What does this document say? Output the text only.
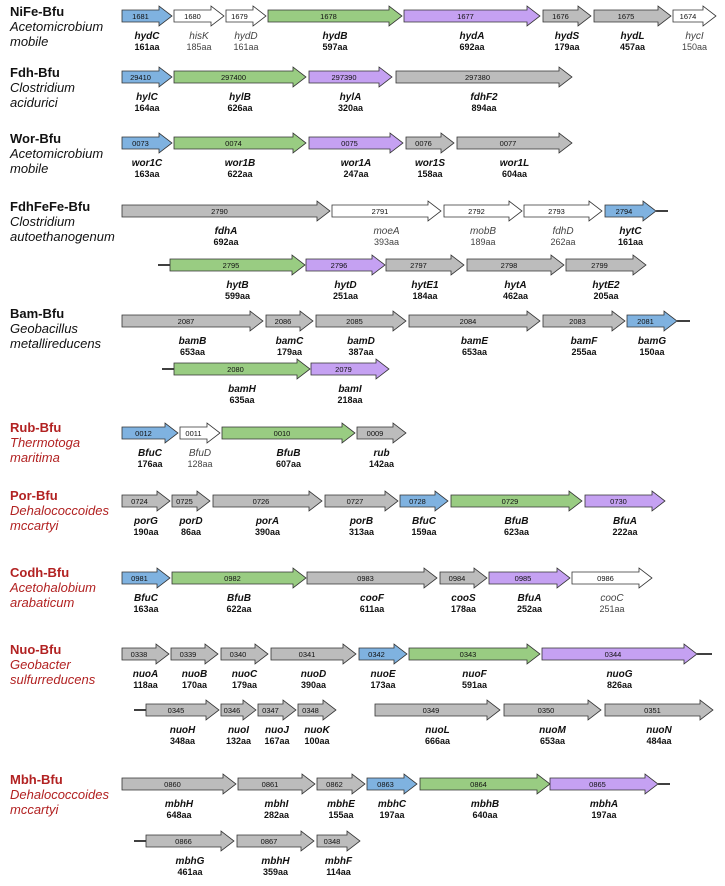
NiFe-Bfu
Acetomicrobium
mobile
1681
hydC
161aa
1680
hisK
185aa
1679
hydD
161aa
1678
hydB
597aa
1677
hydA
692aa
1676
hydS
179aa
1675
hydL
457aa
1674
hycI
150aa
Fdh-Bfu
Clostridium
acidurici
29410
hylC
164aa
297400
hylB
626aa
297390
hylA
320aa
297380
fdhF2
894aa
Wor-Bfu
Acetomicrobium
mobile
0073
wor1C
163aa
0074
wor1B
622aa
0075
wor1A
247aa
0076
wor1S
158aa
0077
wor1L
604aa
FdhFeFe-Bfu
Clostridium
autoethanogenum
2790
fdhA
692aa
2791
moeA
393aa
2792
mobB
189aa
2793
fdhD
262aa
2794
hytC
161aa
2795
hytB
599aa
2796
hytD
251aa
2797
hytE1
184aa
2798
hytA
462aa
2799
hytE2
205aa
Bam-Bfu
Geobacillus
metallireducens
2087
bamB
653aa
2086
bamC
179aa
2085
bamD
387aa
2084
bamE
653aa
2083
bamF
255aa
2081
bamG
150aa
2080
bamH
635aa
2079
bamI
218aa
Rub-Bfu
Thermotoga
maritima
0012
BfuC
176aa
0011
BfuD
128aa
0010
BfuB
607aa
0009
rub
142aa
Por-Bfu
Dehalococcoides
mccartyi
0724
porG
190aa
0725
porD
86aa
0726
porA
390aa
0727
porB
313aa
0728
BfuC
159aa
0729
BfuB
623aa
0730
BfuA
222aa
Codh-Bfu
Acetohalobium
arabaticum
0981
BfuC
163aa
0982
BfuB
622aa
0983
cooF
611aa
0984
cooS
178aa
0985
BfuA
252aa
0986
cooC
251aa
Nuo-Bfu
Geobacter
sulfurreducens
0338
nuoA
118aa
0339
nuoB
170aa
0340
nuoC
179aa
0341
nuoD
390aa
0342
nuoE
173aa
0343
nuoF
591aa
0344
nuoG
826aa
0345
nuoH
348aa
0346
nuoI
132aa
0347
nuoJ
167aa
0348
nuoK
100aa
0349
nuoL
666aa
0350
nuoM
653aa
0351
nuoN
484aa
Mbh-Bfu
Dehalococcoides
mccartyi
0860
mbhH
648aa
0861
mbhI
282aa
0862
mbhE
155aa
0863
mbhC
197aa
0864
mbhB
640aa
0865
mbhA
197aa
0866
mbhG
461aa
0867
mbhH
359aa
0348
mbhF
114aa
